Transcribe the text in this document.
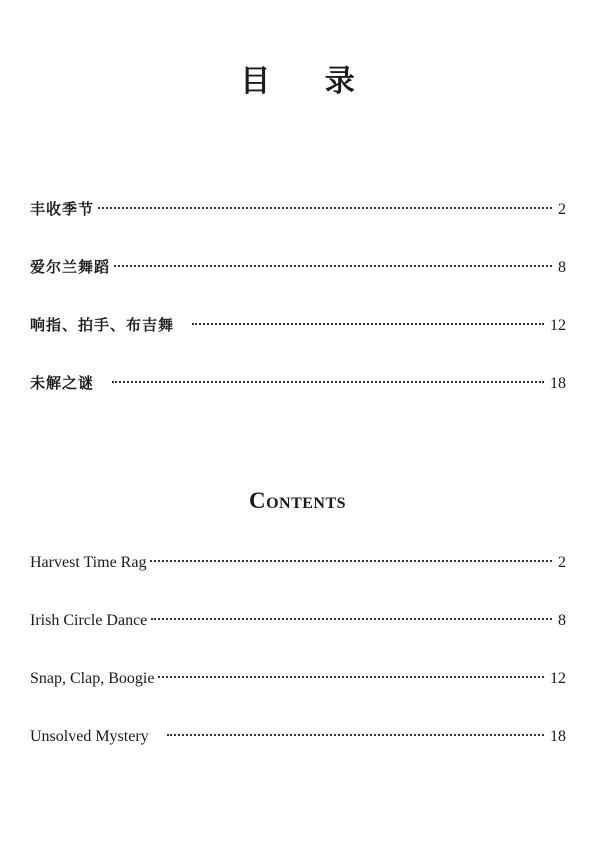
目 录
丰收季节	2
爱尔兰舞蹈	8
响指、拍手、布吉舞	12
未解之谜	18
Contents
Harvest Time Rag	2
Irish Circle Dance	8
Snap, Clap, Boogie	12
Unsolved Mystery	18
